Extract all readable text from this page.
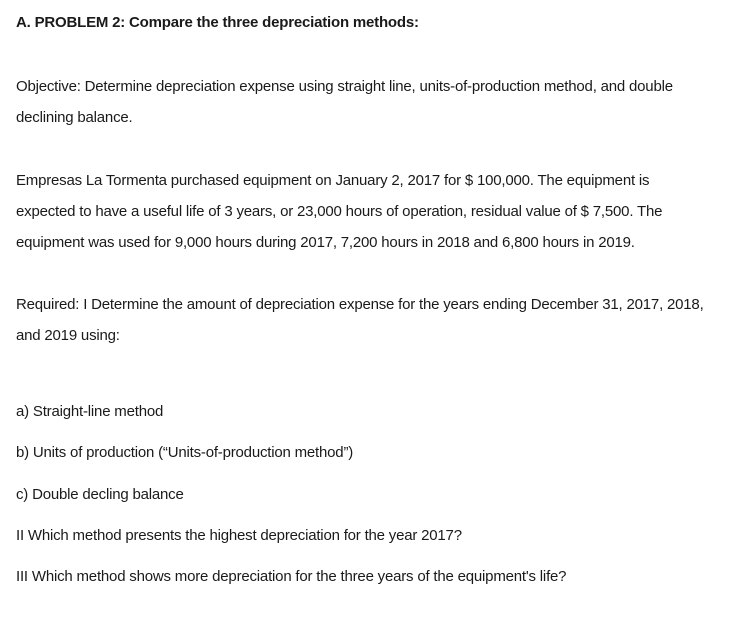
A. PROBLEM 2: Compare the three depreciation methods:
Objective: Determine depreciation expense using straight line, units-of-production method, and double
declining balance.
Empresas La Tormenta purchased equipment on January 2, 2017 for $ 100,000. The equipment is
expected to have a useful life of 3 years, or 23,000 hours of operation, residual value of $ 7,500. The
equipment was used for 9,000 hours during 2017, 7,200 hours in 2018 and 6,800 hours in 2019.
Required: I Determine the amount of depreciation expense for the years ending December 31, 2017, 2018,
and 2019 using:
a) Straight-line method
b) Units of production (“Units-of-production method”)
c) Double decling balance
II Which method presents the highest depreciation for the year 2017?
III Which method shows more depreciation for the three years of the equipment's life?
